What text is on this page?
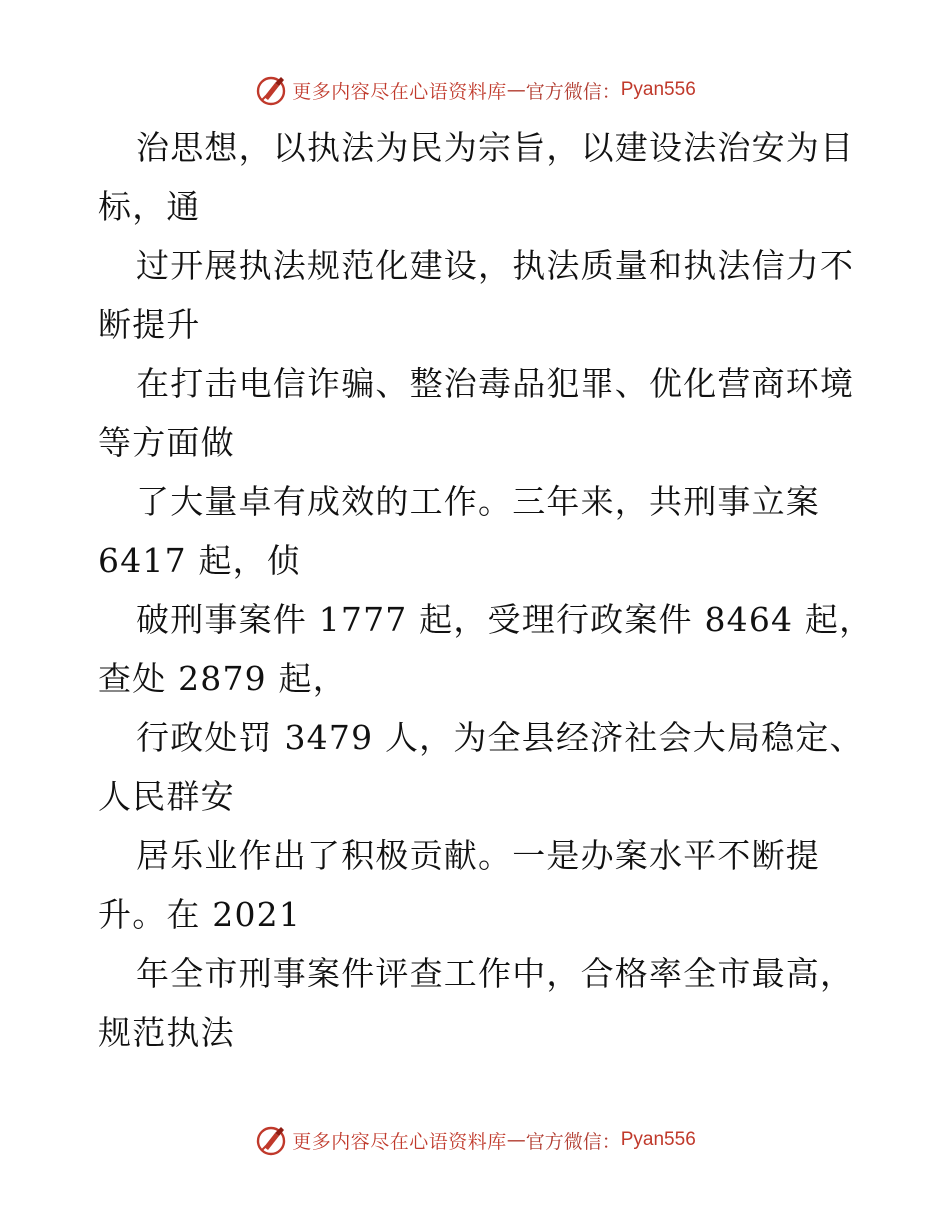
更多内容尽在心语资料库 — 官方微信： Pyan556

治思想，以执法为民为宗旨，以建设法治安为目
标，通

过开展执法规范化建设，执法质量和执法信力不
断提升

在打击电信诈骗、整治毒品犯罪、优化营商环境
等方面做

了大量卓有成效的工作。三年来，共刑事立案
6417 起，侦

破刑事案件 1777 起，受理行政案件 8464 起，
查处 2879 起，

行政处罚 3479 人，为全县经济社会大局稳定、
人民群安

居乐业作出了积极贡献。一是办案水平不断提
升。在 2021

年全市刑事案件评查工作中，合格率全市最高，
规范执法

更多内容尽在心语资料库 — 官方微信： Pyan556
